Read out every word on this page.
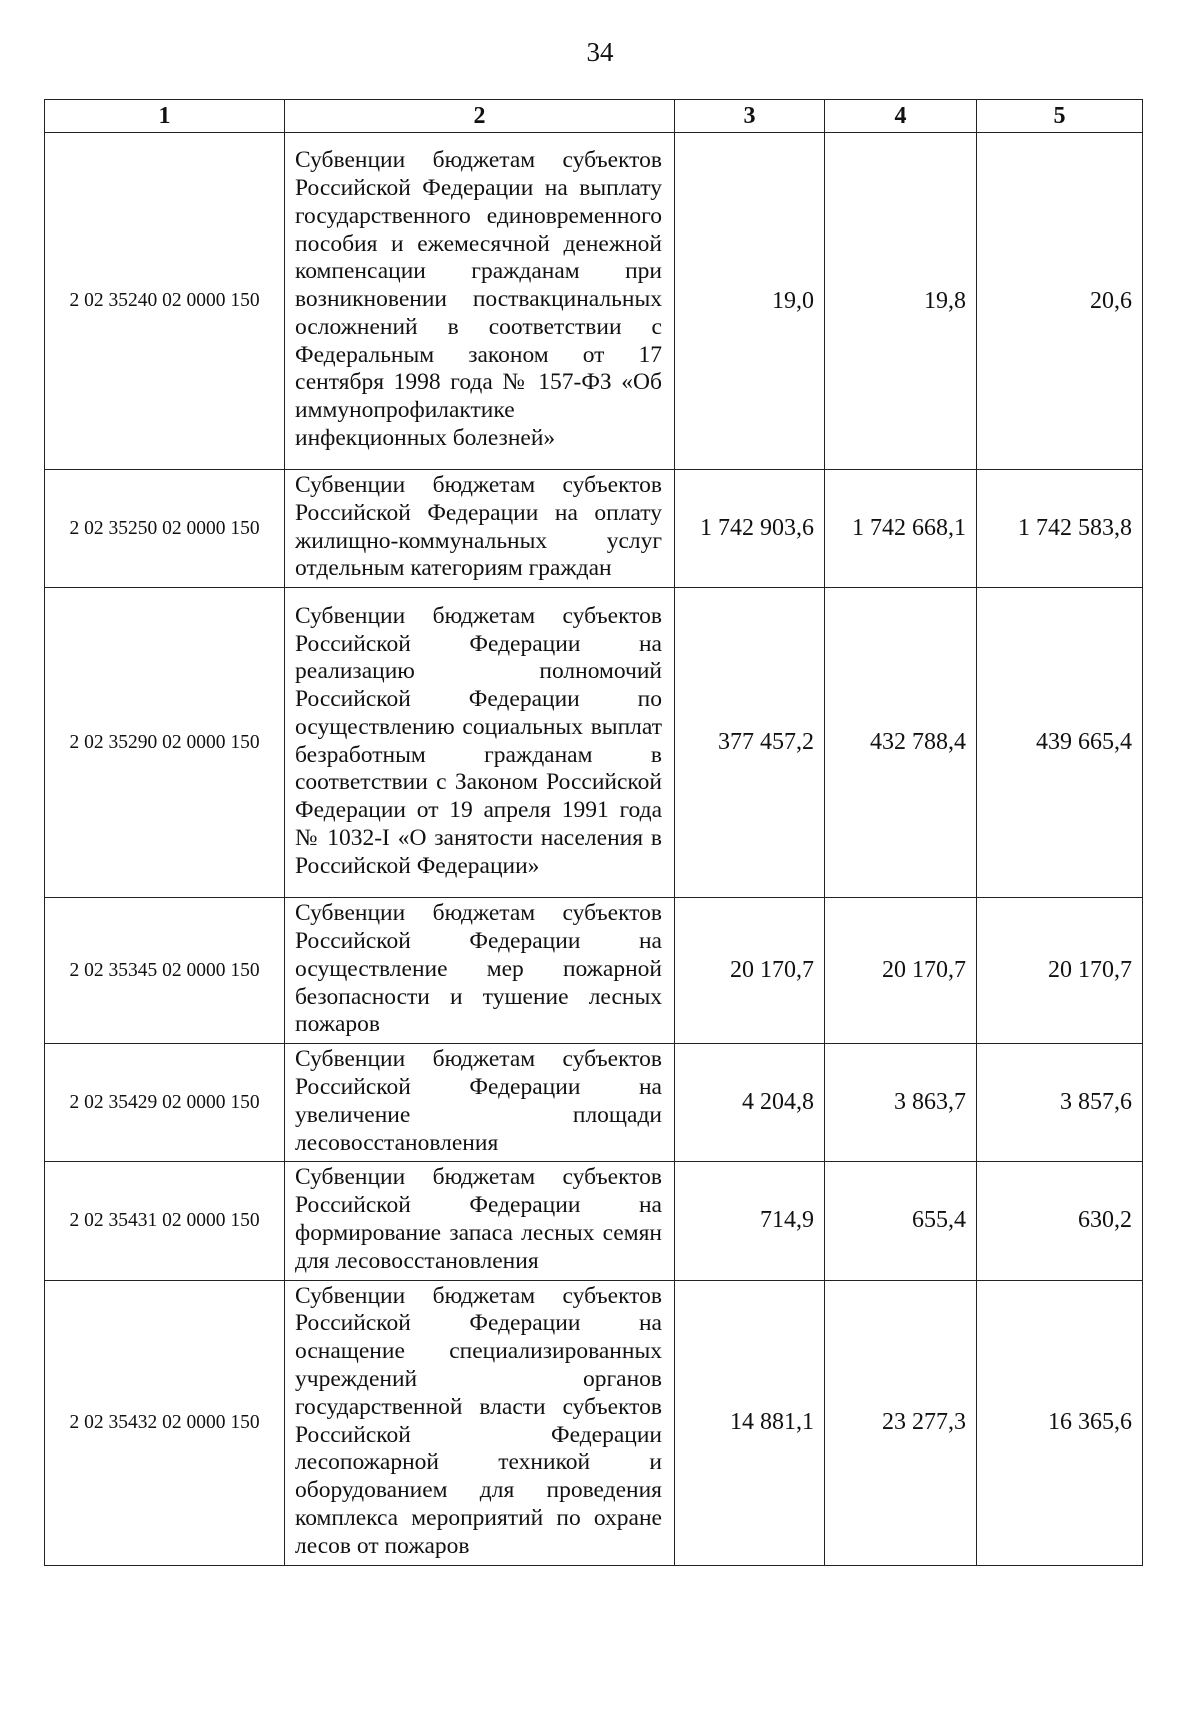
34
1	2	3	4	5
2 02 35240 02 0000 150	Субвенции бюджетам субъектов Российской Федерации на выплату государственного единовременного пособия и ежемесячной денежной компенсации гражданам при возникновении поствакцинальных осложнений в соответствии с Федеральным законом от 17 сентября 1998 года № 157-ФЗ «Об иммунопрофилактике инфекционных болезней»	19,0	19,8	20,6
2 02 35250 02 0000 150	Субвенции бюджетам субъектов Российской Федерации на оплату жилищно-коммунальных услуг отдельным категориям граждан	1 742 903,6	1 742 668,1	1 742 583,8
2 02 35290 02 0000 150	Субвенции бюджетам субъектов Российской Федерации на реализацию полномочий Российской Федерации по осуществлению социальных выплат безработным гражданам в соответствии с Законом Российской Федерации от 19 апреля 1991 года № 1032-I «О занятости населения в Российской Федерации»	377 457,2	432 788,4	439 665,4
2 02 35345 02 0000 150	Субвенции бюджетам субъектов Российской Федерации на осуществление мер пожарной безопасности и тушение лесных пожаров	20 170,7	20 170,7	20 170,7
2 02 35429 02 0000 150	Субвенции бюджетам субъектов Российской Федерации на увеличение площади лесовосстановления	4 204,8	3 863,7	3 857,6
2 02 35431 02 0000 150	Субвенции бюджетам субъектов Российской Федерации на формирование запаса лесных семян для лесовосстановления	714,9	655,4	630,2
2 02 35432 02 0000 150	Субвенции бюджетам субъектов Российской Федерации на оснащение специализированных учреждений органов государственной власти субъектов Российской Федерации лесопожарной техникой и оборудованием для проведения комплекса мероприятий по охране лесов от пожаров	14 881,1	23 277,3	16 365,6
